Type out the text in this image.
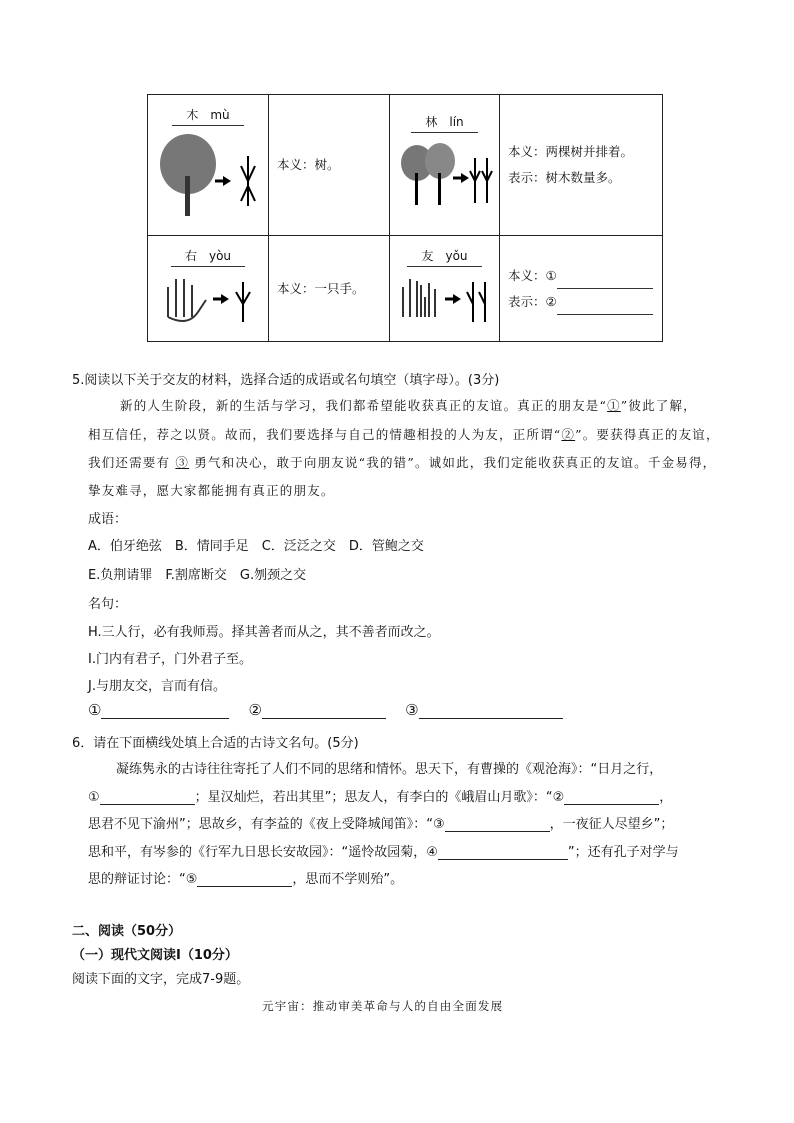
木　mù	本义：树。	林　lín	本义：两棵树并排着。
表示：树木数量多。

右　yòu	本义：一只手。	友　yǒu	本义：①
表示：②
5.阅读以下关于交友的材料，选择合适的成语或名句填空（填字母）。(3分)
新的人生阶段，新的生活与学习，我们都希望能收获真正的友谊。真正的朋友是“①”彼此了解，
相互信任，荐之以贤。故而，我们要选择与自己的情趣相投的人为友，正所谓“②”。要获得真正的友谊，
我们还需要有 ③ 勇气和决心，敢于向朋友说“我的错”。诚如此，我们定能收获真正的友谊。千金易得，
挚友难寻，愿大家都能拥有真正的朋友。
成语：
A．伯牙绝弦　B．情同手足　C．泛泛之交　D．管鲍之交
E.负荆请罪　F.割席断交　G.刎颈之交
名句：
H.三人行，必有我师焉。择其善者而从之，其不善者而改之。
I.门内有君子，门外君子至。
J.与朋友交，言而有信。
①	②	③
6．请在下面横线处填上合适的古诗文名句。(5分)
凝练隽永的古诗往往寄托了人们不同的思绪和情怀。思天下，有曹操的《观沧海》：“日月之行，
①	；星汉灿烂，若出其里”；思友人，有李白的《峨眉山月歌》：“②	，
思君不见下渝州”；思故乡，有李益的《夜上受降城闻笛》：“③	，一夜征人尽望乡”；
思和平，有岑参的《行军九日思长安故园》：“遥怜故园菊，④	”；还有孔子对学与
思的辩证讨论：“⑤	，思而不学则殆”。
二、阅读（50分）
（一）现代文阅读Ⅰ（10分）
阅读下面的文字，完成7-9题。
元宇宙：推动审美革命与人的自由全面发展
